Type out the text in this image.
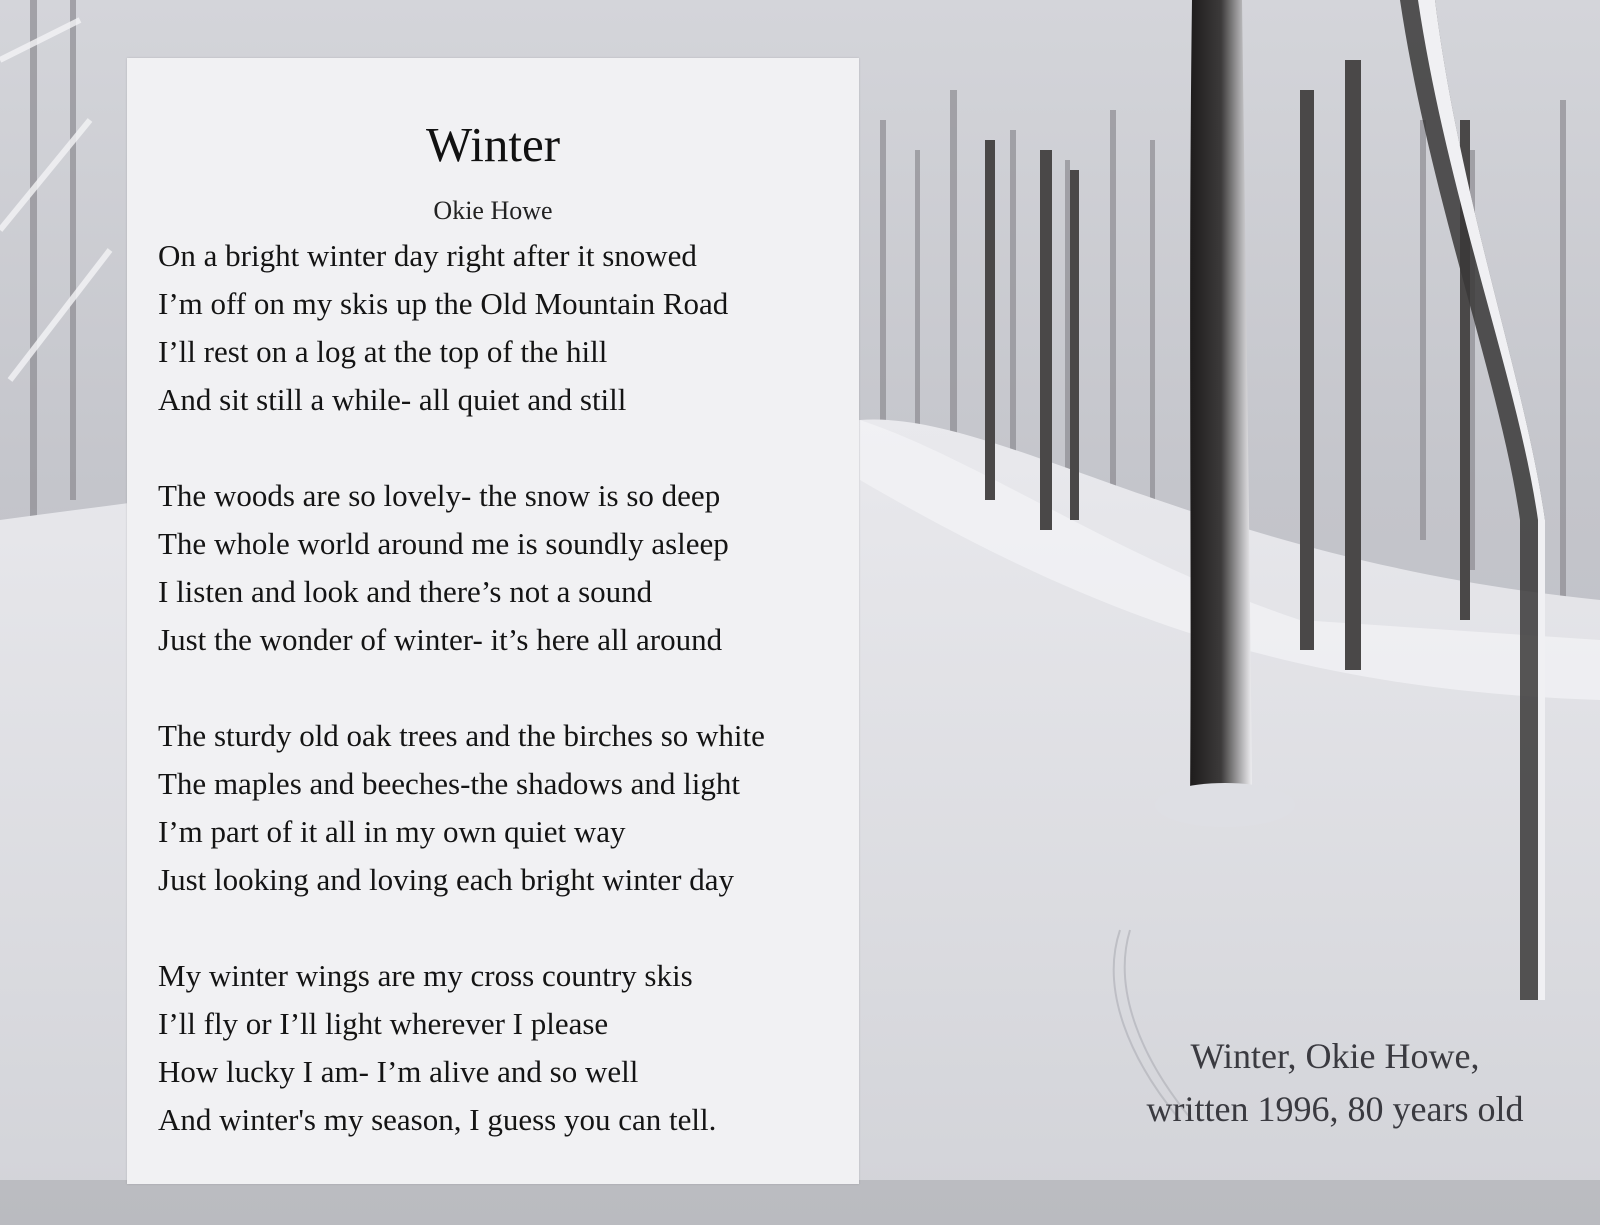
Winter
Okie Howe
On a bright winter day right after it snowed
I’m off on my skis up the Old Mountain Road
I’ll rest on a log at the top of the hill
And sit still a while- all quiet and still
The woods are so lovely- the snow is so deep
The whole world around me is soundly asleep
I listen and look and there’s not a sound
Just the wonder of winter- it’s here all around
The sturdy old oak trees and the birches so white
The maples and beeches-the shadows and light
I’m part of it all in my own quiet way
Just looking and loving each bright winter day
My winter wings are my cross country skis
I’ll fly or I’ll light wherever I please
How lucky I am- I’m alive and so well
And winter's my season, I guess you can tell.
Winter, Okie Howe,
written 1996, 80 years old
